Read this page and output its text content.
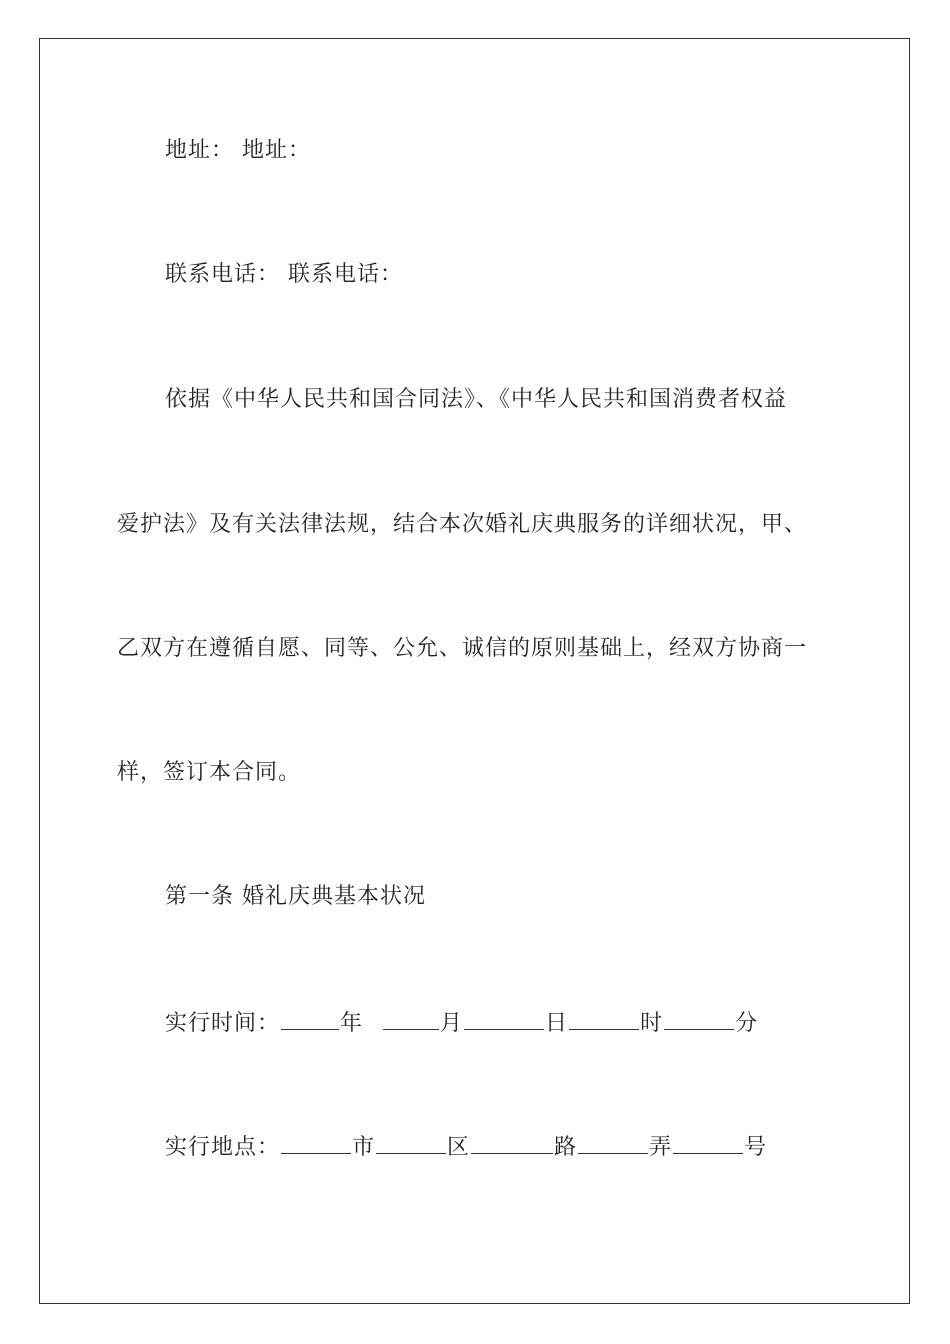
地址： 地址：
联系电话： 联系电话：
依据《中华人民共和国合同法》、《中华人民共和国消费者权益
爱护法》及有关法律法规，结合本次婚礼庆典服务的详细状况，甲、
乙双方在遵循自愿、同等、公允、诚信的原则基础上，经双方协商一
样，签订本合同。
第一条 婚礼庆典基本状况
实行时间：	年	月	日	时	分
实行地点：	市	区	路	弄	号
